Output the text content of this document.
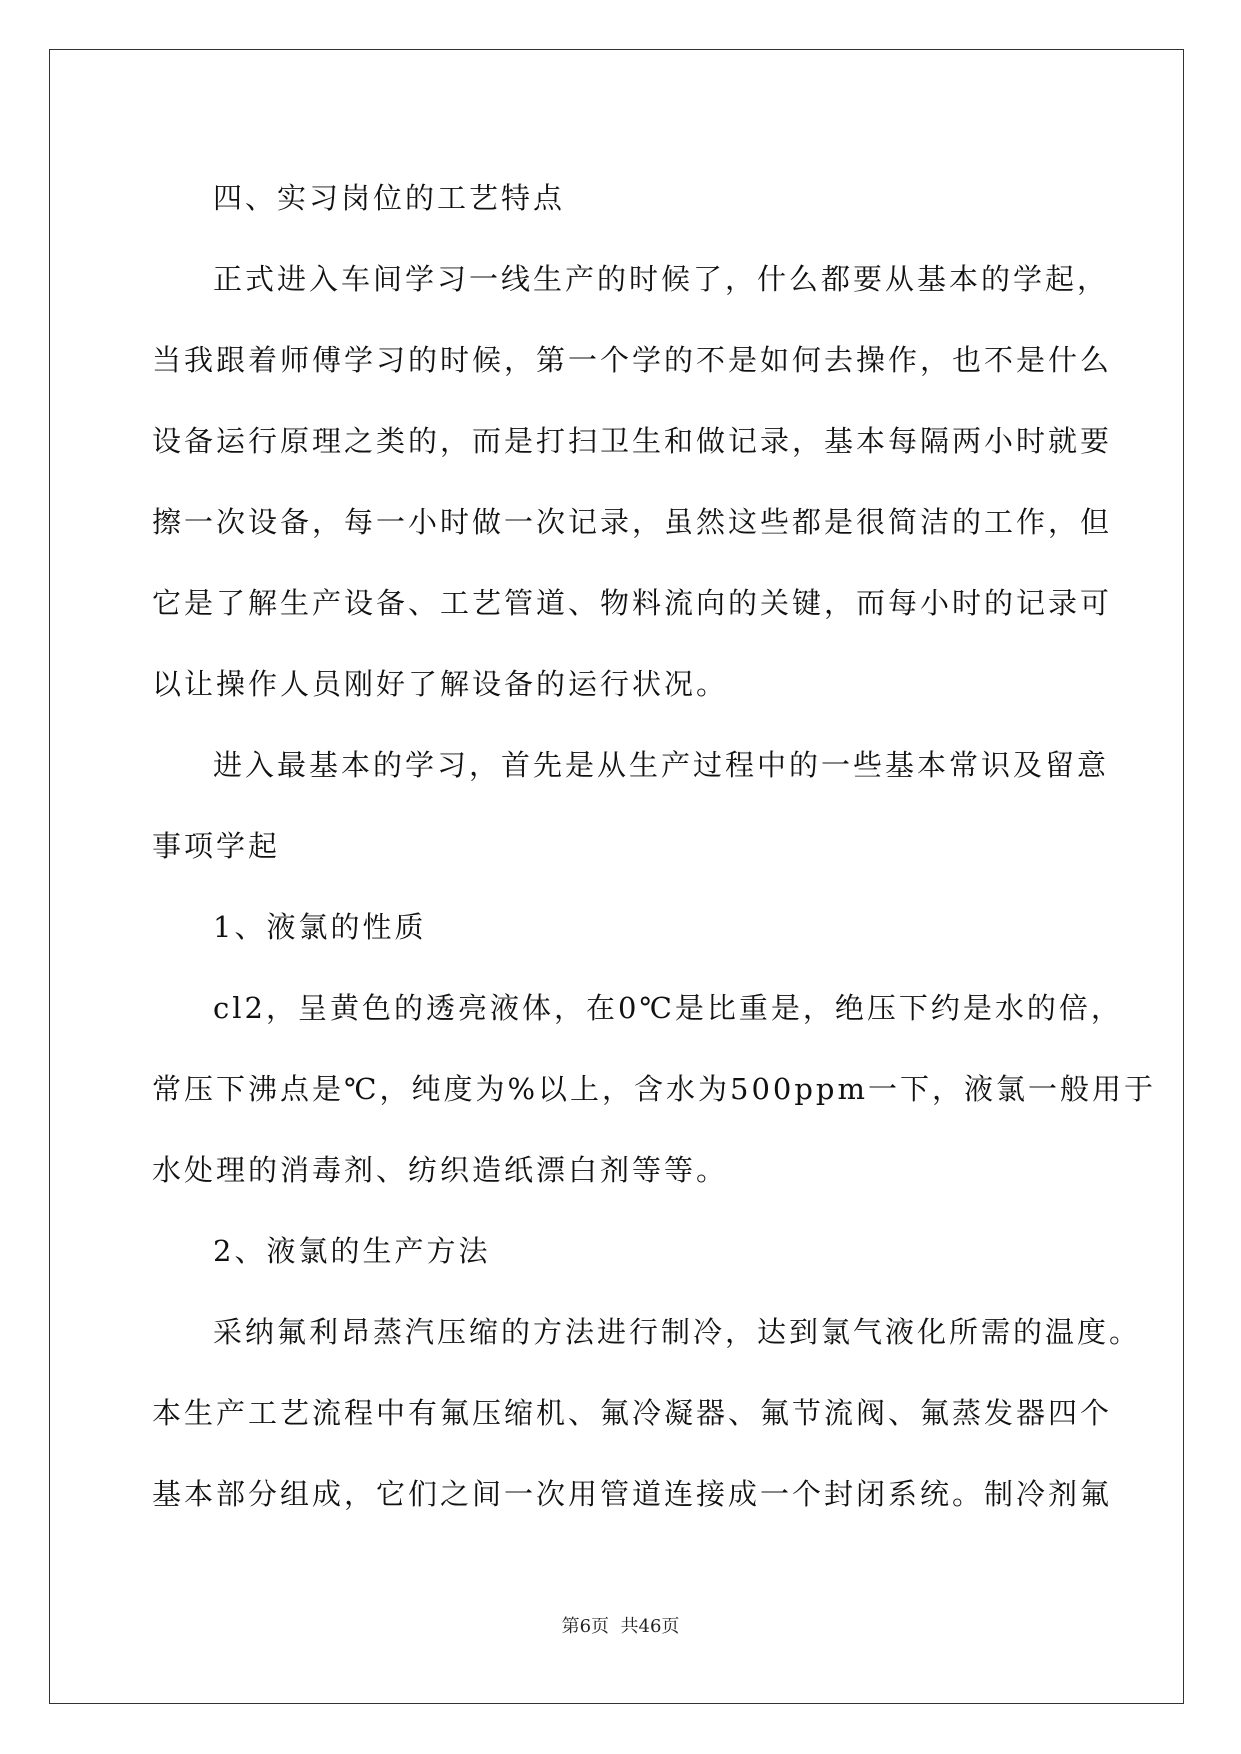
四、实习岗位的工艺特点
正式进入车间学习一线生产的时候了，什么都要从基本的学起，
当我跟着师傅学习的时候，第一个学的不是如何去操作，也不是什么
设备运行原理之类的，而是打扫卫生和做记录，基本每隔两小时就要
擦一次设备，每一小时做一次记录，虽然这些都是很简洁的工作，但
它是了解生产设备、工艺管道、物料流向的关键，而每小时的记录可
以让操作人员刚好了解设备的运行状况。
进入最基本的学习，首先是从生产过程中的一些基本常识及留意
事项学起
1、液氯的性质
cl2，呈黄色的透亮液体，在0℃是比重是，绝压下约是水的倍，
常压下沸点是℃，纯度为%以上，含水为500ppm一下，液氯一般用于
水处理的消毒剂、纺织造纸漂白剂等等。
2、液氯的生产方法
采纳氟利昂蒸汽压缩的方法进行制冷，达到氯气液化所需的温度。
本生产工艺流程中有氟压缩机、氟冷凝器、氟节流阀、氟蒸发器四个
基本部分组成，它们之间一次用管道连接成一个封闭系统。制冷剂氟
第6页  共46页
